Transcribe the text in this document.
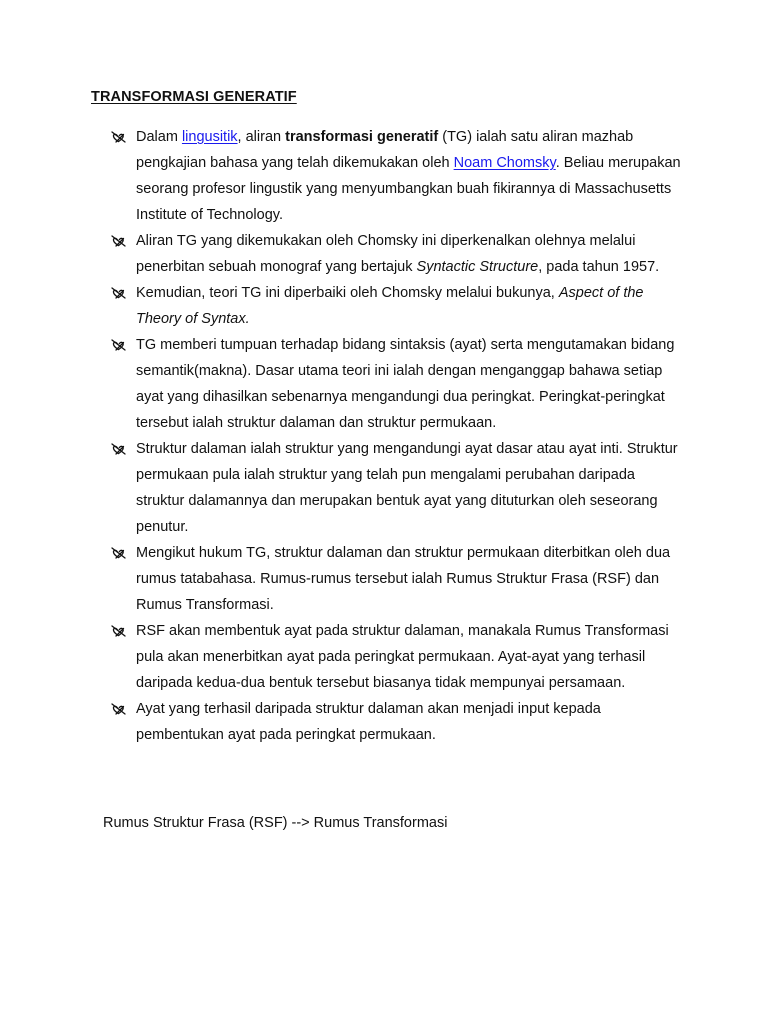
TRANSFORMASI GENERATIF
Dalam lingusitik, aliran transformasi generatif (TG) ialah satu aliran mazhab pengkajian bahasa yang telah dikemukakan oleh Noam Chomsky. Beliau merupakan seorang profesor lingustik yang menyumbangkan buah fikirannya di Massachusetts Institute of Technology.
Aliran TG yang dikemukakan oleh Chomsky ini diperkenalkan olehnya melalui penerbitan sebuah monograf yang bertajuk Syntactic Structure, pada tahun 1957.
Kemudian, teori TG ini diperbaiki oleh Chomsky melalui bukunya, Aspect of the Theory of Syntax.
TG memberi tumpuan terhadap bidang sintaksis (ayat) serta mengutamakan bidang semantik(makna). Dasar utama teori ini ialah dengan menganggap bahawa setiap ayat yang dihasilkan sebenarnya mengandungi dua peringkat. Peringkat-peringkat tersebut ialah struktur dalaman dan struktur permukaan.
Struktur dalaman ialah struktur yang mengandungi ayat dasar atau ayat inti. Struktur permukaan pula ialah struktur yang telah pun mengalami perubahan daripada struktur dalamannya dan merupakan bentuk ayat yang dituturkan oleh seseorang penutur.
Mengikut hukum TG, struktur dalaman dan struktur permukaan diterbitkan oleh dua rumus tatabahasa. Rumus-rumus tersebut ialah Rumus Struktur Frasa (RSF) dan Rumus Transformasi.
RSF akan membentuk ayat pada struktur dalaman, manakala Rumus Transformasi pula akan menerbitkan ayat pada peringkat permukaan. Ayat-ayat yang terhasil daripada kedua-dua bentuk tersebut biasanya tidak mempunyai persamaan.
Ayat yang terhasil daripada struktur dalaman akan menjadi input kepada pembentukan ayat pada peringkat permukaan.
Rumus Struktur Frasa (RSF) --> Rumus Transformasi
